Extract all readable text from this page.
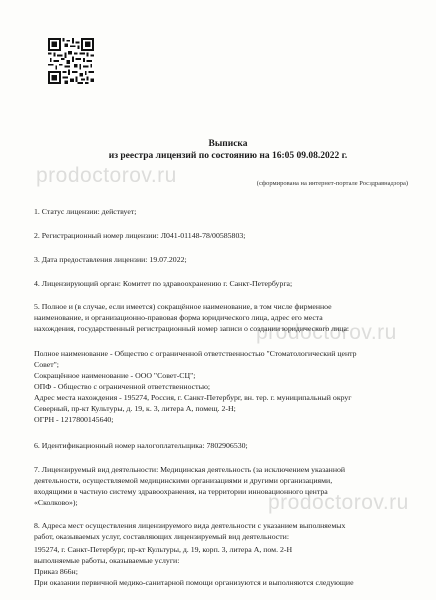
prodoctorov.ru
prodoctorov.ru
prodoctorov.ru
Выписка
из реестра лицензий по состоянию на 16:05 09.08.2022 г.
(сформирована на интернет-портале Росздравнадзора)
1. Статус лицензии: действует;
2. Регистрационный номер лицензии: Л041-01148-78/00585803;
3. Дата предоставления лицензии: 19.07.2022;
4. Лицензирующий орган: Комитет по здравоохранению г. Санкт-Петербурга;
5. Полное и (в случае, если имеется) сокращённое наименование, в том числе фирменное
наименование, и организационно-правовая форма юридического лица, адрес его места
нахождения, государственный регистрационный номер записи о создании юридического лица:
Полное наименование - Общество с ограниченной ответственностью "Стоматологический центр
Совет";
Сокращённое наименование - ООО "Совет-СЦ";
ОПФ - Общество с ограниченной ответственностью;
Адрес места нахождения - 195274, Россия, г. Санкт-Петербург, вн. тер. г. муниципальный округ
Северный, пр-кт Культуры, д. 19, к. 3, литера А, помещ. 2-Н;
ОГРН - 1217800145640;
6. Идентификационный номер налогоплательщика: 7802906530;
7. Лицензируемый вид деятельности: Медицинская деятельность (за исключением указанной
деятельности, осуществляемой медицинскими организациями и другими организациями,
входящими в частную систему здравоохранения, на территории инновационного центра
«Сколково»);
8. Адреса мест осуществления лицензируемого вида деятельности с указанием выполняемых
работ, оказываемых услуг, составляющих лицензируемый вид деятельности:
195274, г. Санкт-Петербург, пр-кт Культуры, д. 19, корп. 3, литера А, пом. 2-Н
выполняемые работы, оказываемые услуги:
Приказ 866н;
При оказании первичной медико-санитарной помощи организуются и выполняются следующие
